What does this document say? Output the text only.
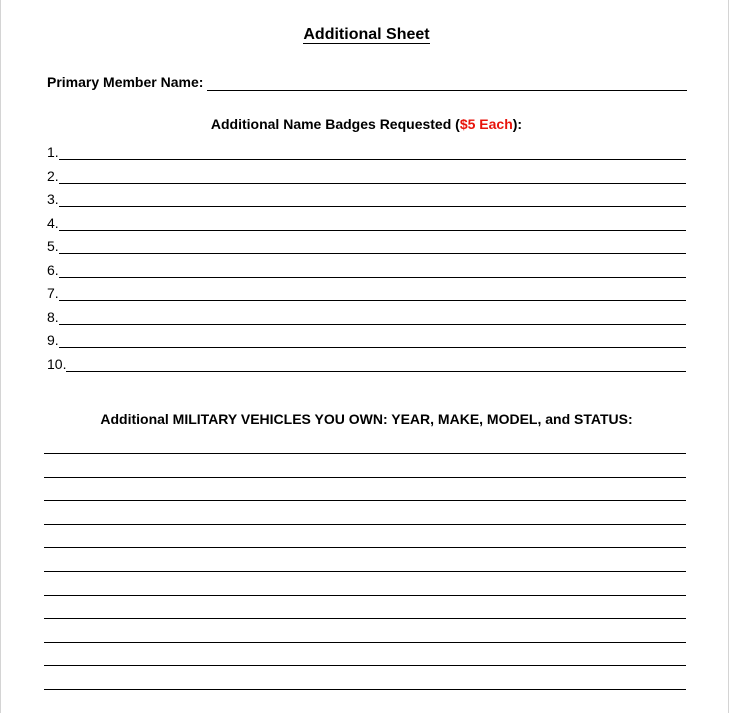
Additional Sheet
Primary Member Name:
Additional Name Badges Requested ($5 Each):
1.
2.
3.
4.
5.
6.
7.
8.
9.
10.
Additional MILITARY VEHICLES YOU OWN: YEAR, MAKE, MODEL, and STATUS:
